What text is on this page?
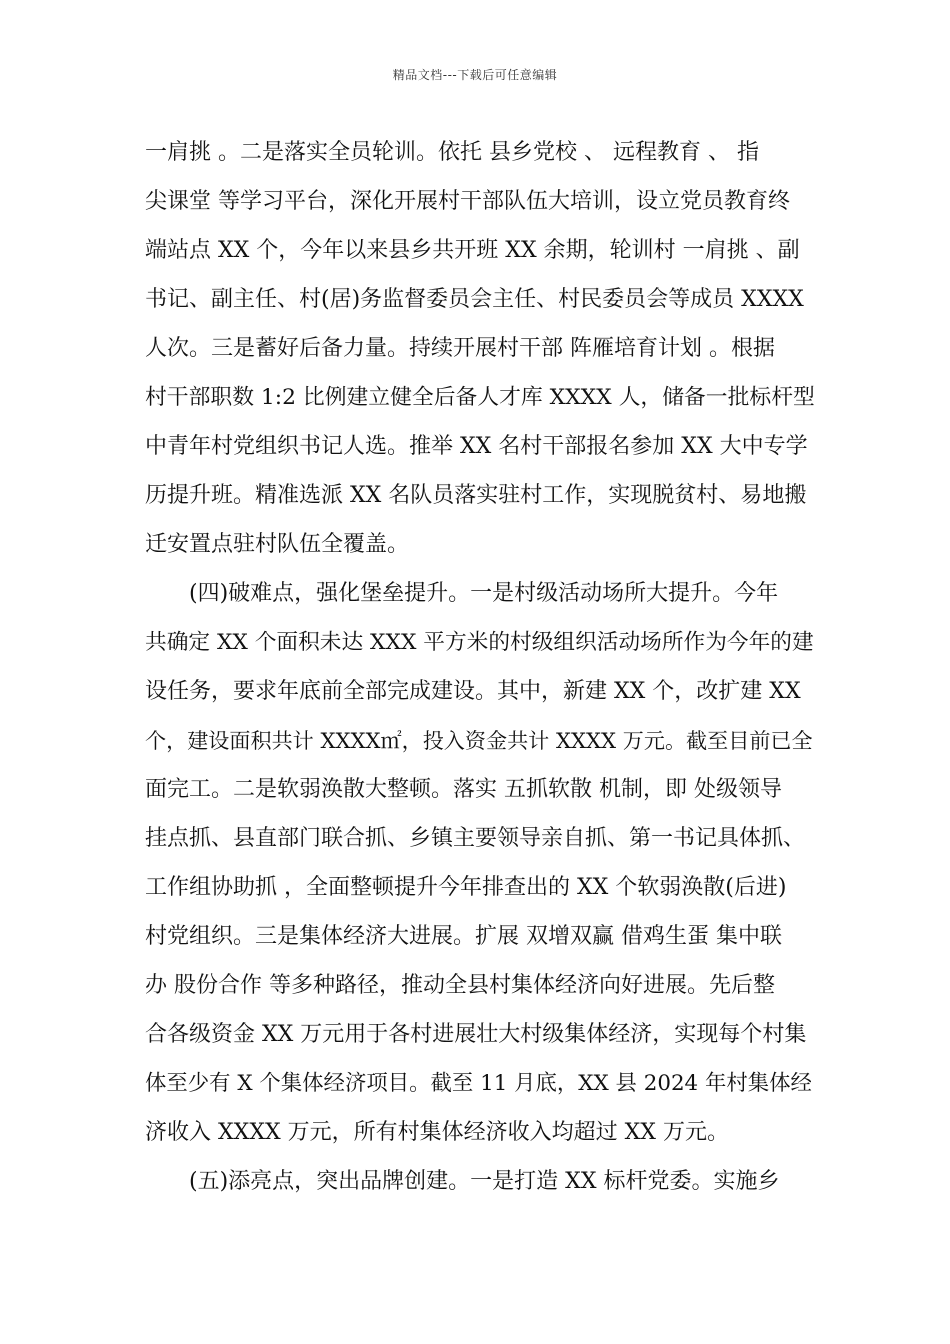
精品文档---下载后可任意编辑
一肩挑 。二是落实全员轮训。依托 县乡党校 、 远程教育 、 指
尖课堂 等学习平台，深化开展村干部队伍大培训，设立党员教育终
端站点 XX 个，今年以来县乡共开班 XX 余期，轮训村 一肩挑 、副
书记、副主任、村(居)务监督委员会主任、村民委员会等成员 XXXX
人次。三是蓄好后备力量。持续开展村干部 阵雁培育计划 。根据
村干部职数 1:2 比例建立健全后备人才库 XXXX 人，储备一批标杆型
中青年村党组织书记人选。推举 XX 名村干部报名参加 XX 大中专学
历提升班。精准选派 XX 名队员落实驻村工作，实现脱贫村、易地搬
迁安置点驻村队伍全覆盖。
(四)破难点，强化堡垒提升。一是村级活动场所大提升。今年
共确定 XX 个面积未达 XXX 平方米的村级组织活动场所作为今年的建
设任务，要求年底前全部完成建设。其中，新建 XX 个，改扩建 XX
个，建设面积共计 XXXX㎡，投入资金共计 XXXX 万元。截至目前已全
面完工。二是软弱涣散大整顿。落实 五抓软散 机制，即 处级领导
挂点抓、县直部门联合抓、乡镇主要领导亲自抓、第一书记具体抓、
工作组协助抓 ，全面整顿提升今年排查出的 XX 个软弱涣散(后进)
村党组织。三是集体经济大进展。扩展 双增双赢 借鸡生蛋 集中联
办 股份合作 等多种路径，推动全县村集体经济向好进展。先后整
合各级资金 XX 万元用于各村进展壮大村级集体经济，实现每个村集
体至少有 X 个集体经济项目。截至 11 月底，XX 县 2024 年村集体经
济收入 XXXX 万元，所有村集体经济收入均超过 XX 万元。
(五)添亮点，突出品牌创建。一是打造 XX 标杆党委。实施乡
